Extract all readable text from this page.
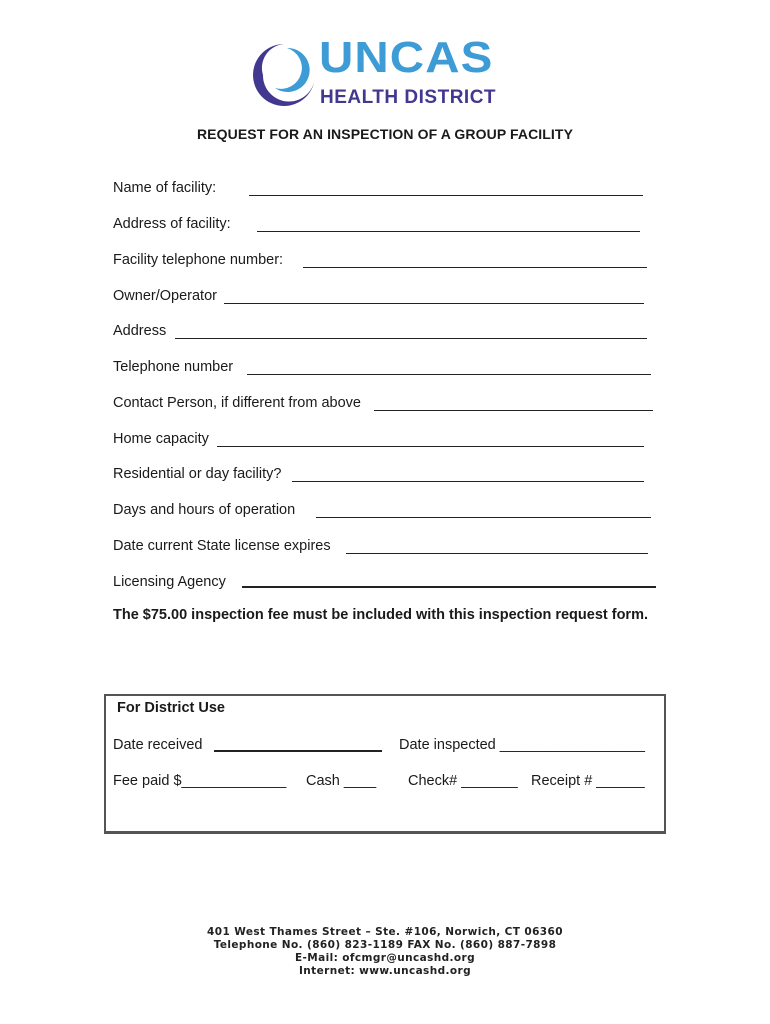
UNCAS
HEALTH DISTRICT
REQUEST FOR AN INSPECTION OF A GROUP FACILITY
Name of facility:
Address of facility:
Facility telephone number:
Owner/Operator
Address
Telephone number
Contact Person, if different from above
Home capacity
Residential or day facility?
Days and hours of operation
Date current State license expires
Licensing Agency
The $75.00 inspection fee must be included with this inspection request form.
For District Use
Date received	Date inspected __________________
Fee paid $_____________ Cash ____ Check# _______ Receipt # ______
401 West Thames Street – Ste. #106, Norwich, CT 06360
Telephone No. (860) 823-1189 FAX No. (860) 887-7898
E-Mail: ofcmgr@uncashd.org
Internet: www.uncashd.org
